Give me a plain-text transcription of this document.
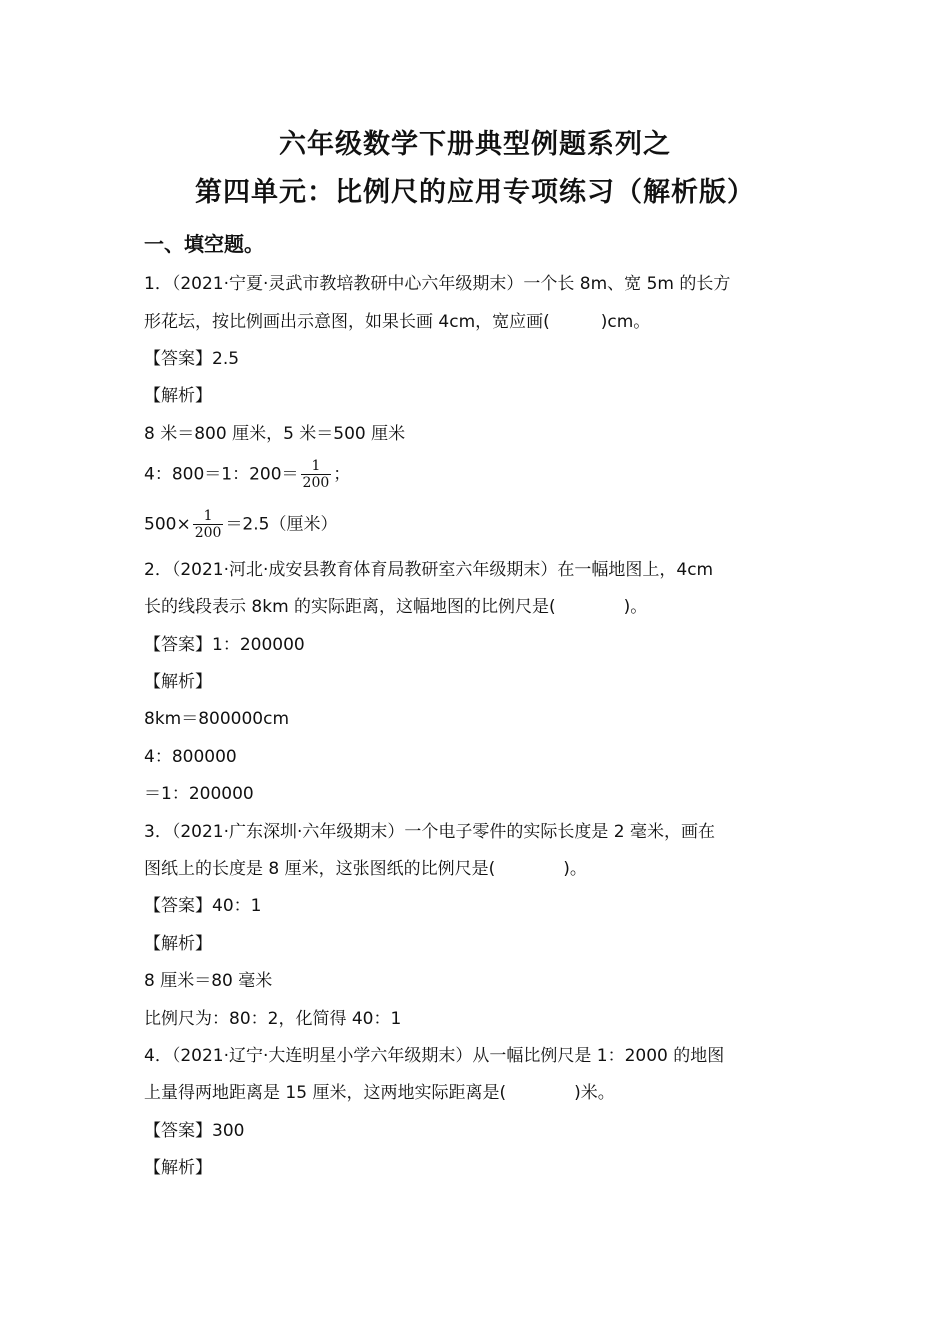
六年级数学下册典型例题系列之
第四单元：比例尺的应用专项练习（解析版）
一、填空题。
1．（2021·宁夏·灵武市教培教研中心六年级期末）一个长 8m、宽 5m 的长方
形花坛，按比例画出示意图，如果长画 4cm，宽应画(　　　)cm。
【答案】2.5
【解析】
8 米＝800 厘米，5 米＝500 厘米
4：800＝1：$200= \frac{1}{200}$ ；
$500\times \frac{1}{200} =2.5$（厘米）
2．（2021·河北·成安县教育体育局教研室六年级期末）在一幅地图上，4cm
长的线段表示 8km 的实际距离，这幅地图的比例尺是(　　　　)。
【答案】1：200000
【解析】
8km＝800000cm
4：800000
＝1：200000
3．（2021·广东深圳·六年级期末）一个电子零件的实际长度是 2 毫米，画在
图纸上的长度是 8 厘米，这张图纸的比例尺是(　　　　)。
【答案】40：1
【解析】
8 厘米＝80 毫米
比例尺为：80：2，化简得 40：1
4．（2021·辽宁·大连明星小学六年级期末）从一幅比例尺是 1：2000 的地图
上量得两地距离是 15 厘米，这两地实际距离是(　　　　)米。
【答案】300
【解析】
